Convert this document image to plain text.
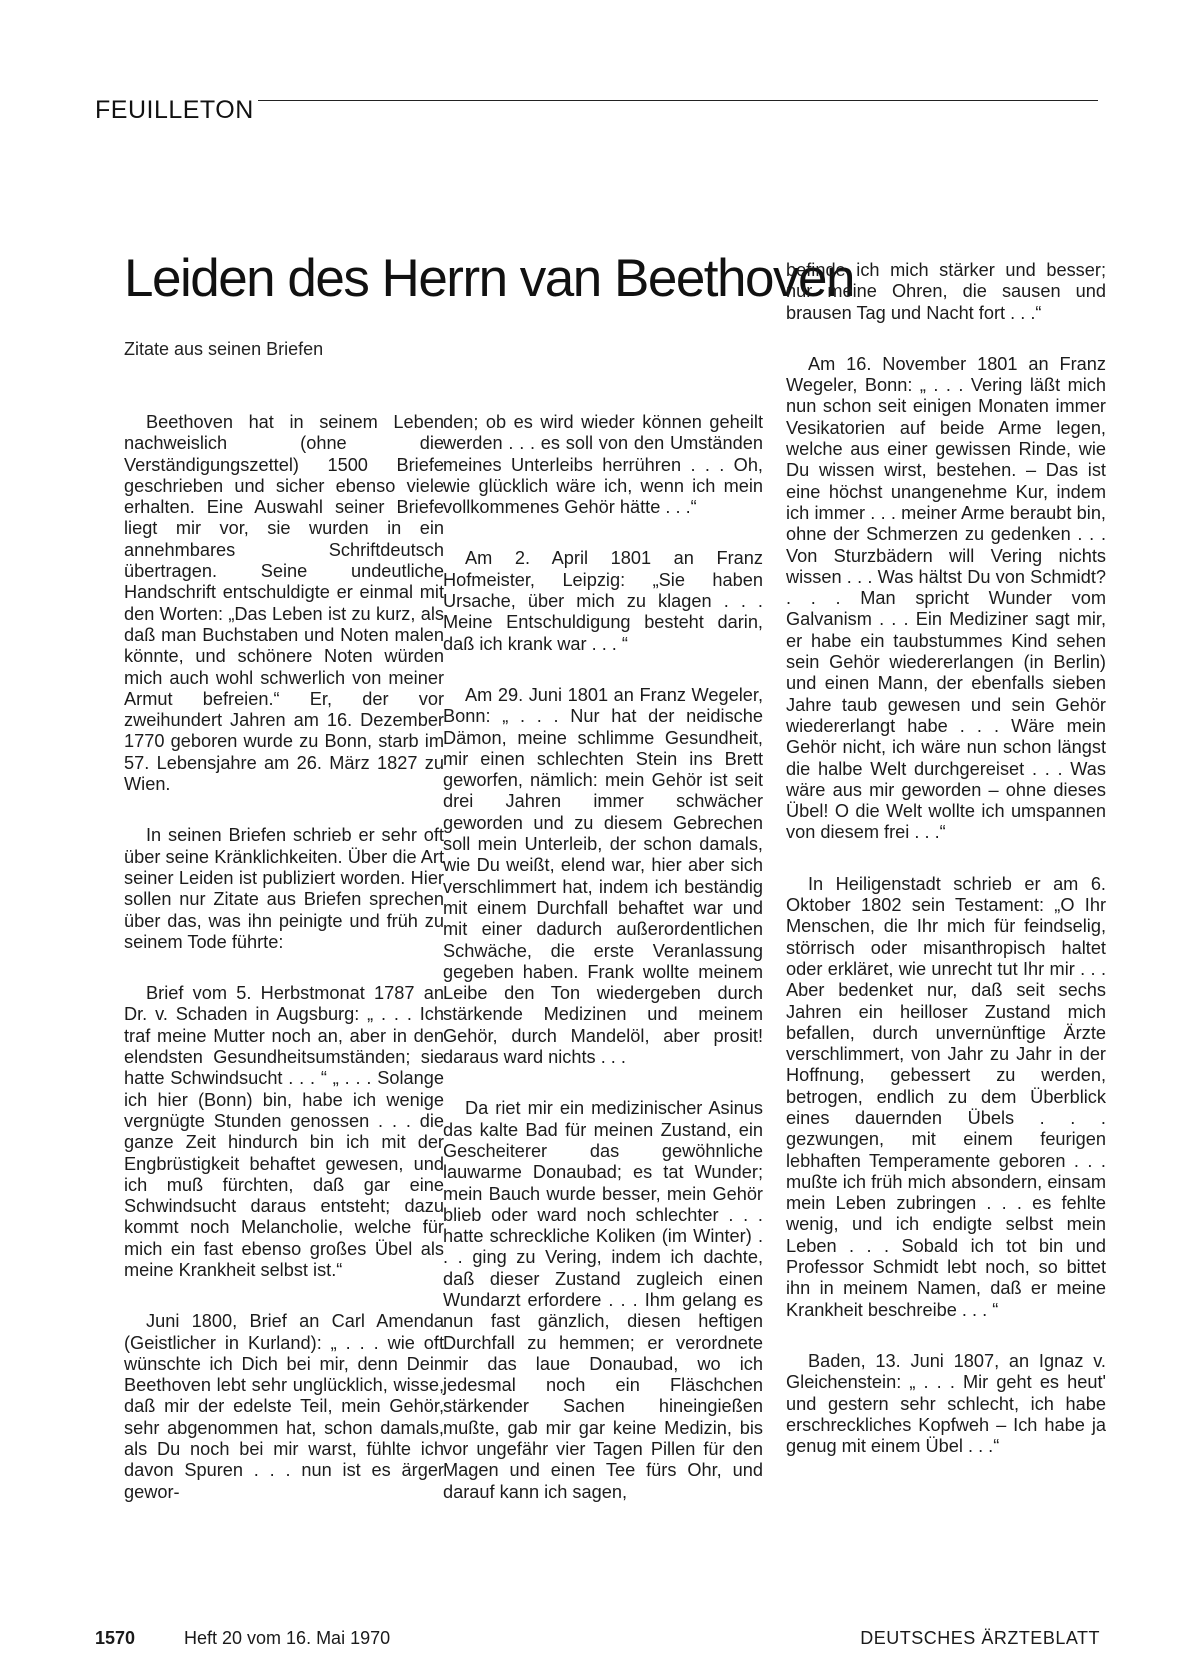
FEUILLETON
Leiden des Herrn van Beethoven
Zitate aus seinen Briefen

Beethoven hat in seinem Leben nachweislich (ohne die Verständigungszettel) 1500 Briefe geschrieben und sicher ebenso viele erhalten. Eine Auswahl seiner Briefe liegt mir vor, sie wurden in ein annehmbares Schriftdeutsch übertragen. Seine undeutliche Handschrift entschuldigte er einmal mit den Worten: „Das Leben ist zu kurz, als daß man Buchstaben und Noten malen könnte, und schönere Noten würden mich auch wohl schwerlich von meiner Armut befreien.“ Er, der vor zweihundert Jahren am 16. Dezember 1770 geboren wurde zu Bonn, starb im 57. Lebensjahre am 26. März 1827 zu Wien.

In seinen Briefen schrieb er sehr oft über seine Kränklichkeiten. Über die Art seiner Leiden ist publiziert worden. Hier sollen nur Zitate aus Briefen sprechen über das, was ihn peinigte und früh zu seinem Tode führte:

Brief vom 5. Herbstmonat 1787 an Dr. v. Schaden in Augsburg: „ . . . Ich traf meine Mutter noch an, aber in den elendsten Gesundheitsumständen; sie hatte Schwindsucht . . . “ „ . . . Solange ich hier (Bonn) bin, habe ich wenige vergnügte Stunden genossen . . . die ganze Zeit hindurch bin ich mit der Engbrüstigkeit behaftet gewesen, und ich muß fürchten, daß gar eine Schwindsucht daraus entsteht; dazu kommt noch Melancholie, welche für mich ein fast ebenso großes Übel als meine Krankheit selbst ist.“

Juni 1800, Brief an Carl Amenda (Geistlicher in Kurland): „ . . . wie oft wünschte ich Dich bei mir, denn Dein Beethoven lebt sehr unglücklich, wisse, daß mir der edelste Teil, mein Gehör, sehr abgenommen hat, schon damals, als Du noch bei mir warst, fühlte ich davon Spuren . . . nun ist es ärger gewor-

den; ob es wird wieder können geheilt werden . . . es soll von den Umständen meines Unterleibs herrühren . . . Oh, wie glücklich wäre ich, wenn ich mein vollkommenes Gehör hätte . . .“

Am 2. April 1801 an Franz Hofmeister, Leipzig: „Sie haben Ursache, über mich zu klagen . . . Meine Entschuldigung besteht darin, daß ich krank war . . . “

Am 29. Juni 1801 an Franz Wegeler, Bonn: „ . . . Nur hat der neidische Dämon, meine schlimme Gesundheit, mir einen schlechten Stein ins Brett geworfen, nämlich: mein Gehör ist seit drei Jahren immer schwächer geworden und zu diesem Gebrechen soll mein Unterleib, der schon damals, wie Du weißt, elend war, hier aber sich verschlimmert hat, indem ich beständig mit einem Durchfall behaftet war und mit einer dadurch außerordentlichen Schwäche, die erste Veranlassung gegeben haben. Frank wollte meinem Leibe den Ton wiedergeben durch stärkende Medizinen und meinem Gehör, durch Mandelöl, aber prosit! daraus ward nichts . . .

Da riet mir ein medizinischer Asinus das kalte Bad für meinen Zustand, ein Gescheiterer das gewöhnliche lauwarme Donaubad; es tat Wunder; mein Bauch wurde besser, mein Gehör blieb oder ward noch schlechter . . . hatte schreckliche Koliken (im Winter) . . . ging zu Vering, indem ich dachte, daß dieser Zustand zugleich einen Wundarzt erfordere . . . Ihm gelang es nun fast gänzlich, diesen heftigen Durchfall zu hemmen; er verordnete mir das laue Donaubad, wo ich jedesmal noch ein Fläschchen stärkender Sachen hineingießen mußte, gab mir gar keine Medizin, bis vor ungefähr vier Tagen Pillen für den Magen und einen Tee fürs Ohr, und darauf kann ich sagen,

befinde ich mich stärker und besser; nur meine Ohren, die sausen und brausen Tag und Nacht fort . . .“

Am 16. November 1801 an Franz Wegeler, Bonn: „ . . . Vering läßt mich nun schon seit einigen Monaten immer Vesikatorien auf beide Arme legen, welche aus einer gewissen Rinde, wie Du wissen wirst, bestehen. – Das ist eine höchst unangenehme Kur, indem ich immer . . . meiner Arme beraubt bin, ohne der Schmerzen zu gedenken . . . Von Sturzbädern will Vering nichts wissen . . . Was hältst Du von Schmidt? . . . Man spricht Wunder vom Galvanism . . . Ein Mediziner sagt mir, er habe ein taubstummes Kind sehen sein Gehör wiedererlangen (in Berlin) und einen Mann, der ebenfalls sieben Jahre taub gewesen und sein Gehör wiedererlangt habe . . . Wäre mein Gehör nicht, ich wäre nun schon längst die halbe Welt durchgereiset . . . Was wäre aus mir geworden – ohne dieses Übel! O die Welt wollte ich umspannen von diesem frei . . .“

In Heiligenstadt schrieb er am 6. Oktober 1802 sein Testament: „O Ihr Menschen, die Ihr mich für feindselig, störrisch oder misanthropisch haltet oder erkläret, wie unrecht tut Ihr mir . . . Aber bedenket nur, daß seit sechs Jahren ein heilloser Zustand mich befallen, durch unvernünftige Ärzte verschlimmert, von Jahr zu Jahr in der Hoffnung, gebessert zu werden, betrogen, endlich zu dem Überblick eines dauernden Übels . . . gezwungen, mit einem feurigen lebhaften Temperamente geboren . . . mußte ich früh mich absondern, einsam mein Leben zubringen . . . es fehlte wenig, und ich endigte selbst mein Leben . . . Sobald ich tot bin und Professor Schmidt lebt noch, so bittet ihn in meinem Namen, daß er meine Krankheit beschreibe . . . “

Baden, 13. Juni 1807, an Ignaz v. Gleichenstein: „ . . . Mir geht es heut' und gestern sehr schlecht, ich habe erschreckliches Kopfweh – Ich habe ja genug mit einem Übel . . .“

1570	Heft 20 vom 16. Mai 1970	DEUTSCHES ÄRZTEBLATT
